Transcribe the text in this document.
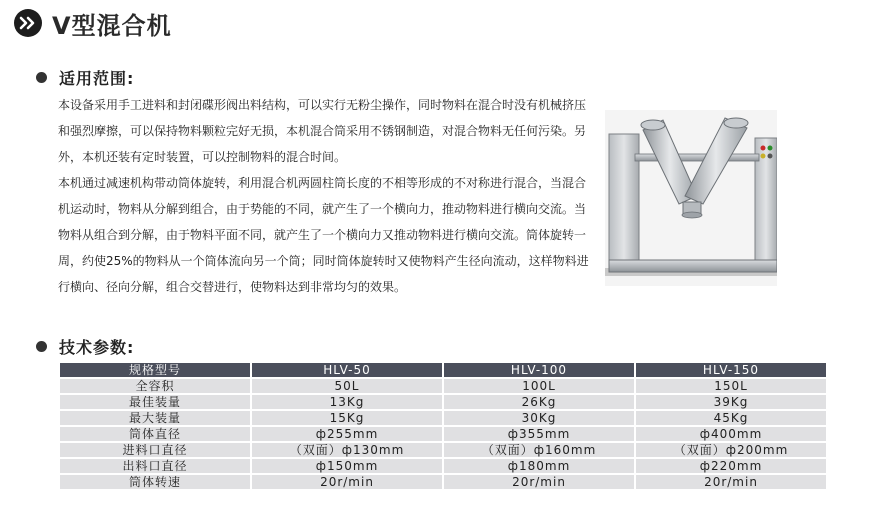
V型混合机
适用范围:

本设备采用手工进料和封闭碟形阀出料结构，可以实行无粉尘操作，同时物料在混合时没有机械挤压和强烈摩擦，可以保持物料颗粒完好无损，本机混合筒采用不锈钢制造，对混合物料无任何污染。另外，本机还装有定时装置，可以控制物料的混合时间。

本机通过减速机构带动筒体旋转，利用混合机两圆柱筒长度的不相等形成的不对称进行混合，当混合机运动时，物料从分解到组合，由于势能的不同，就产生了一个横向力，推动物料进行横向交流。当物料从组合到分解，由于物料平面不同，就产生了一个横向力又推动物料进行横向交流。筒体旋转一周，约使25%的物料从一个筒体流向另一个筒；同时筒体旋转时又使物料产生径向流动，这样物料进行横向、径向分解，组合交替进行，使物料达到非常均匀的效果。

技术参数:
规格型号	HLV-50	HLV-100	HLV-150
全容积	50L	100L	150L
最佳装量	13Kg	26Kg	39Kg
最大装量	15Kg	30Kg	45Kg
筒体直径	ф255mm	ф355mm	ф400mm
进料口直径	（双面）ф130mm	（双面）ф160mm	（双面）ф200mm
出料口直径	ф150mm	ф180mm	ф220mm
筒体转速	20r/min	20r/min	20r/min
